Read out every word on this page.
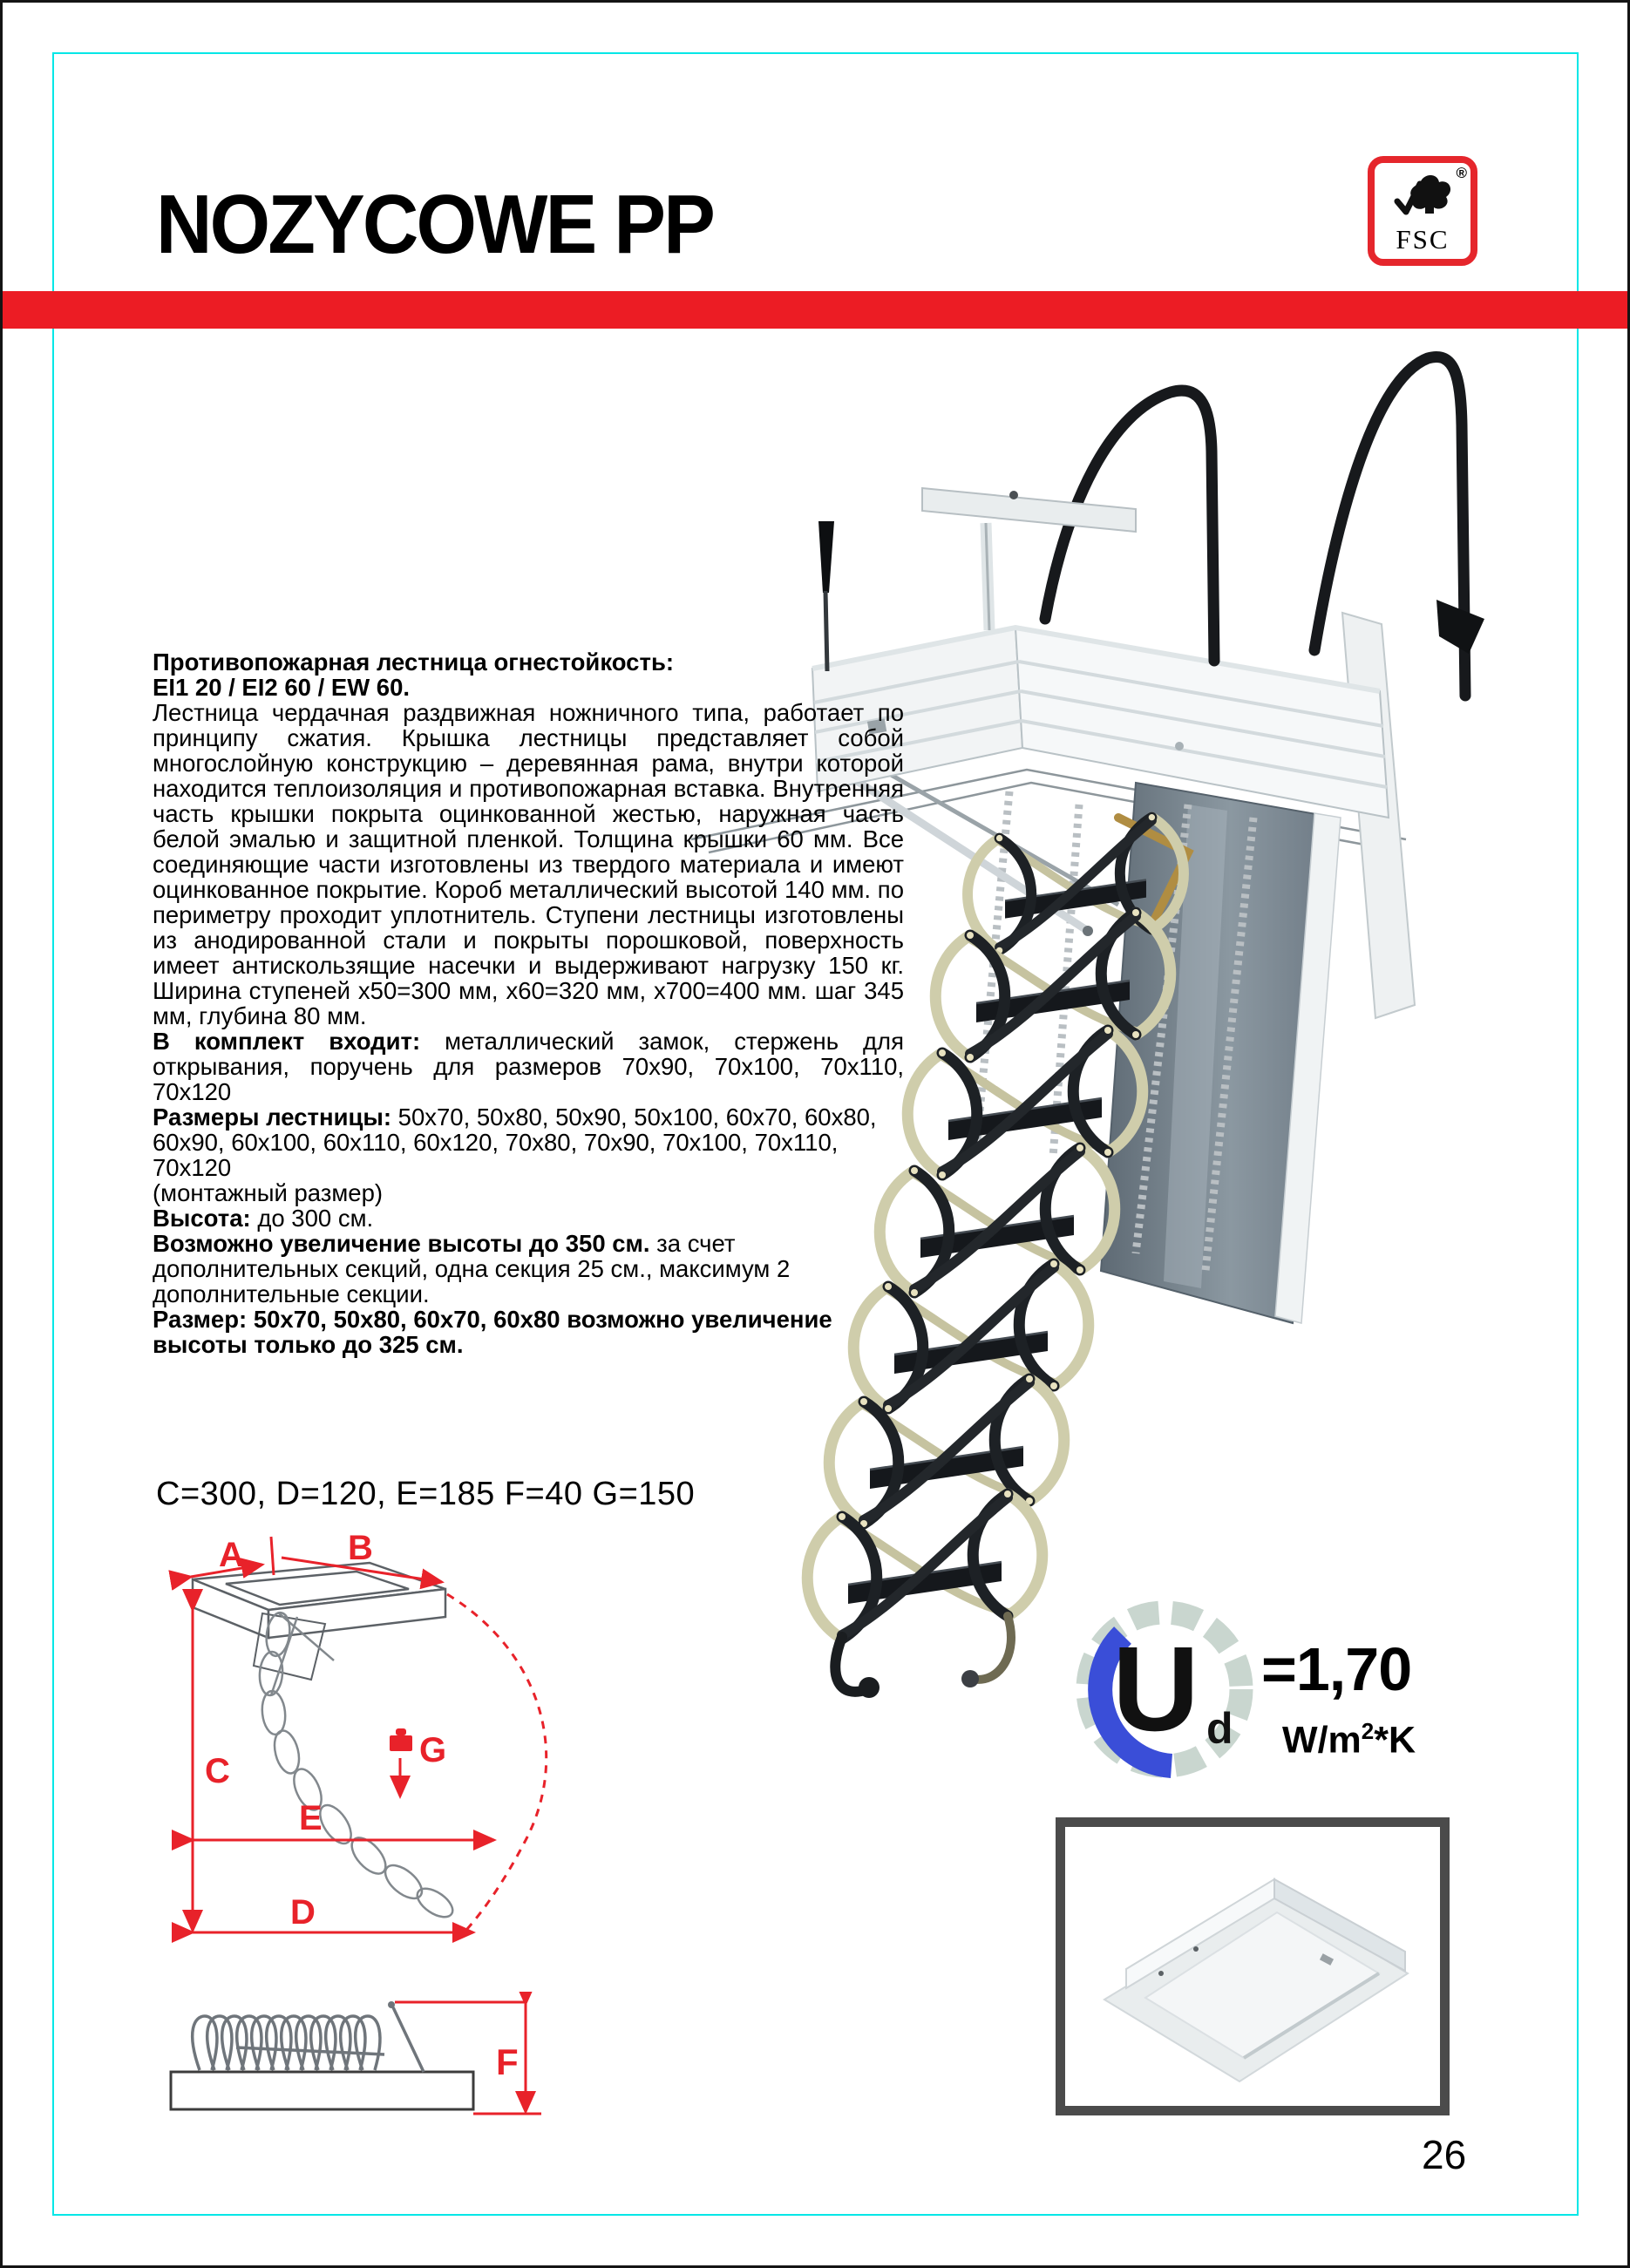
NOZYCOWE PP
®
FSC

Противопожарная лестница огнестойкость:

EI1 20 / EI2 60 / EW 60.

Лестница чердачная раздвижная ножничного типа, работает по принципу сжатия. Крышка лестницы представляет собой многослойную конструкцию – деревянная рама, внутри которой находится теплоизоляция и противопожарная вставка. Внутренняя часть крышки покрыта оцинкованной жестью, наружная часть белой эмалью и защитной пленкой. Толщина крышки 60 мм. Все соединяющие части изготовлены из твердого материала и имеют оцинкованное покрытие. Короб металлический высотой 140 мм. по периметру проходит уплотнитель. Ступени лестницы изготовлены из анодированной стали и покрыты порошковой, поверхность имеет антискользящие насечки и выдерживают нагрузку 150 кг. Ширина ступеней x50=300 мм, x60=320 мм, x700=400 мм. шаг 345 мм, глубина 80 мм.

В комплект входит: металлический замок, стержень для открывания, поручень для размеров 70x90, 70x100, 70x110, 70x120

Размеры лестницы: 50x70, 50x80, 50x90, 50x100, 60x70, 60x80, 60x90, 60x100, 60x110, 60x120, 70x80, 70x90, 70x100, 70x110, 70x120

(монтажный размер)

Высота: до 300 см.

Возможно увеличение высоты до 350 см. за счет дополнительных секций, одна секция 25 см., максимум 2 дополнительные секции.

Размер: 50x70, 50x80, 60x70, 60x80 возможно увеличение высоты только до 325 см.

C=300, D=120, E=185 F=40 G=150
A	B
C
E
D
G
F
U d
=1,70
$W/m^2*K$
26
